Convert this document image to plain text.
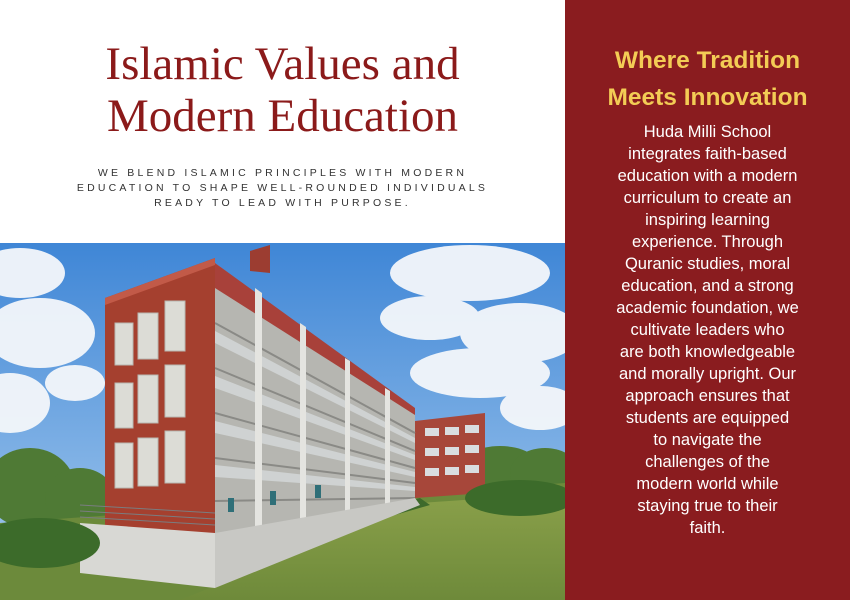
Islamic Values and
Modern Education

WE BLEND ISLAMIC PRINCIPLES WITH MODERN
EDUCATION TO SHAPE WELL-ROUNDED INDIVIDUALS
READY TO LEAD WITH PURPOSE.

Where Tradition
Meets Innovation

Huda Milli School
integrates faith-based
education with a modern
curriculum to create an
inspiring learning
experience. Through
Quranic studies, moral
education, and a strong
academic foundation, we
cultivate leaders who
are both knowledgeable
and morally upright. Our
approach ensures that
students are equipped
to navigate the
challenges of the
modern world while
staying true to their
faith.
